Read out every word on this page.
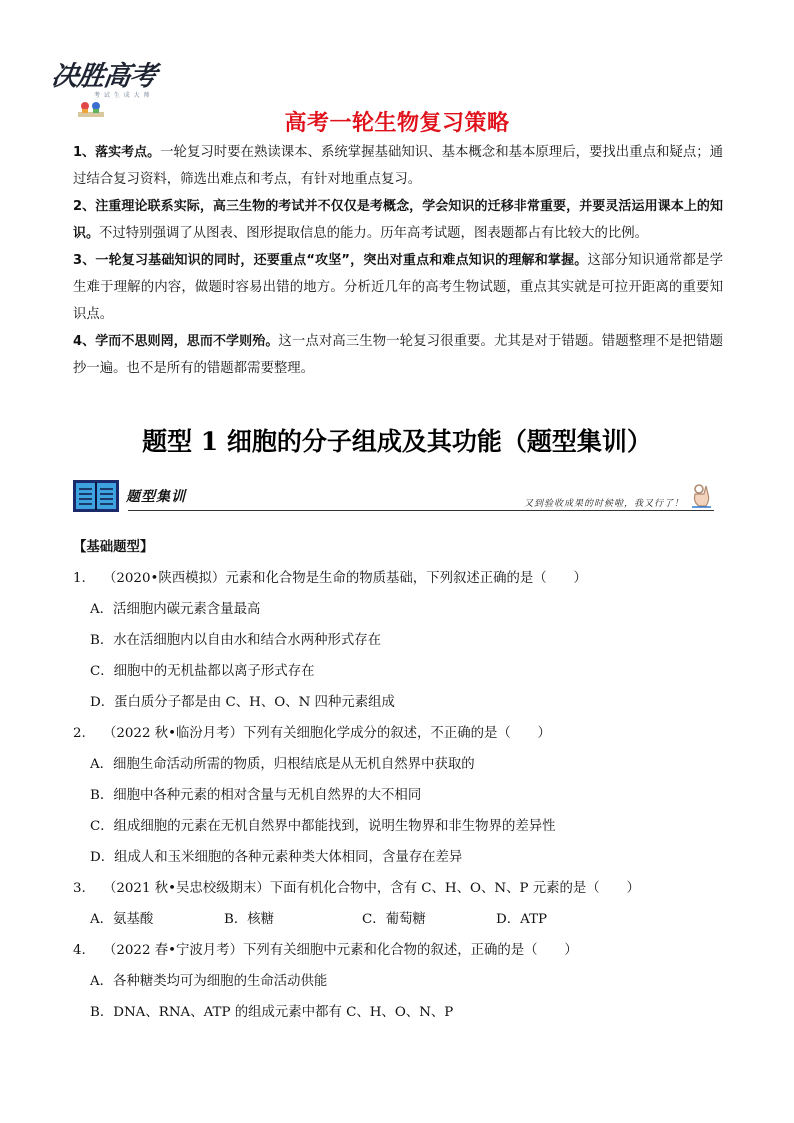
决胜高考
考 试 生 成 大 师
高考一轮生物复习策略

1、落实考点。一轮复习时要在熟读课本、系统掌握基础知识、基本概念和基本原理后，要找出重点和疑点；通过结合复习资料，筛选出难点和考点，有针对地重点复习。

2、注重理论联系实际，高三生物的考试并不仅仅是考概念，学会知识的迁移非常重要，并要灵活运用课本上的知识。不过特别强调了从图表、图形提取信息的能力。历年高考试题，图表题都占有比较大的比例。

3、一轮复习基础知识的同时，还要重点“攻坚”，突出对重点和难点知识的理解和掌握。这部分知识通常都是学生难于理解的内容，做题时容易出错的地方。分析近几年的高考生物试题，重点其实就是可拉开距离的重要知识点。

4、学而不思则罔，思而不学则殆。这一点对高三生物一轮复习很重要。尤其是对于错题。错题整理不是把错题抄一遍。也不是所有的错题都需要整理。

题型 1 细胞的分子组成及其功能（题型集训）
题型集训	又到验收成果的时候啦，我又行了！

【基础题型】

1.	（2020•陕西模拟）元素和化合物是生命的物质基础，下列叙述正确的是（　　）

A．活细胞内碳元素含量最高

B．水在活细胞内以自由水和结合水两种形式存在

C．细胞中的无机盐都以离子形式存在

D．蛋白质分子都是由 C、H、O、N 四种元素组成

2.	（2022 秋•临汾月考）下列有关细胞化学成分的叙述，不正确的是（　　）

A．细胞生命活动所需的物质，归根结底是从无机自然界中获取的

B．细胞中各种元素的相对含量与无机自然界的大不相同

C．组成细胞的元素在无机自然界中都能找到，说明生物界和非生物界的差异性

D．组成人和玉米细胞的各种元素种类大体相同，含量存在差异

3.	（2021 秋•吴忠校级期末）下面有机化合物中，含有 C、H、O、N、P 元素的是（　　）

A．氨基酸	B．核糖	C．葡萄糖	D．ATP

4.	（2022 春•宁波月考）下列有关细胞中元素和化合物的叙述，正确的是（　　）

A．各种糖类均可为细胞的生命活动供能

B．DNA、RNA、ATP 的组成元素中都有 C、H、O、N、P
